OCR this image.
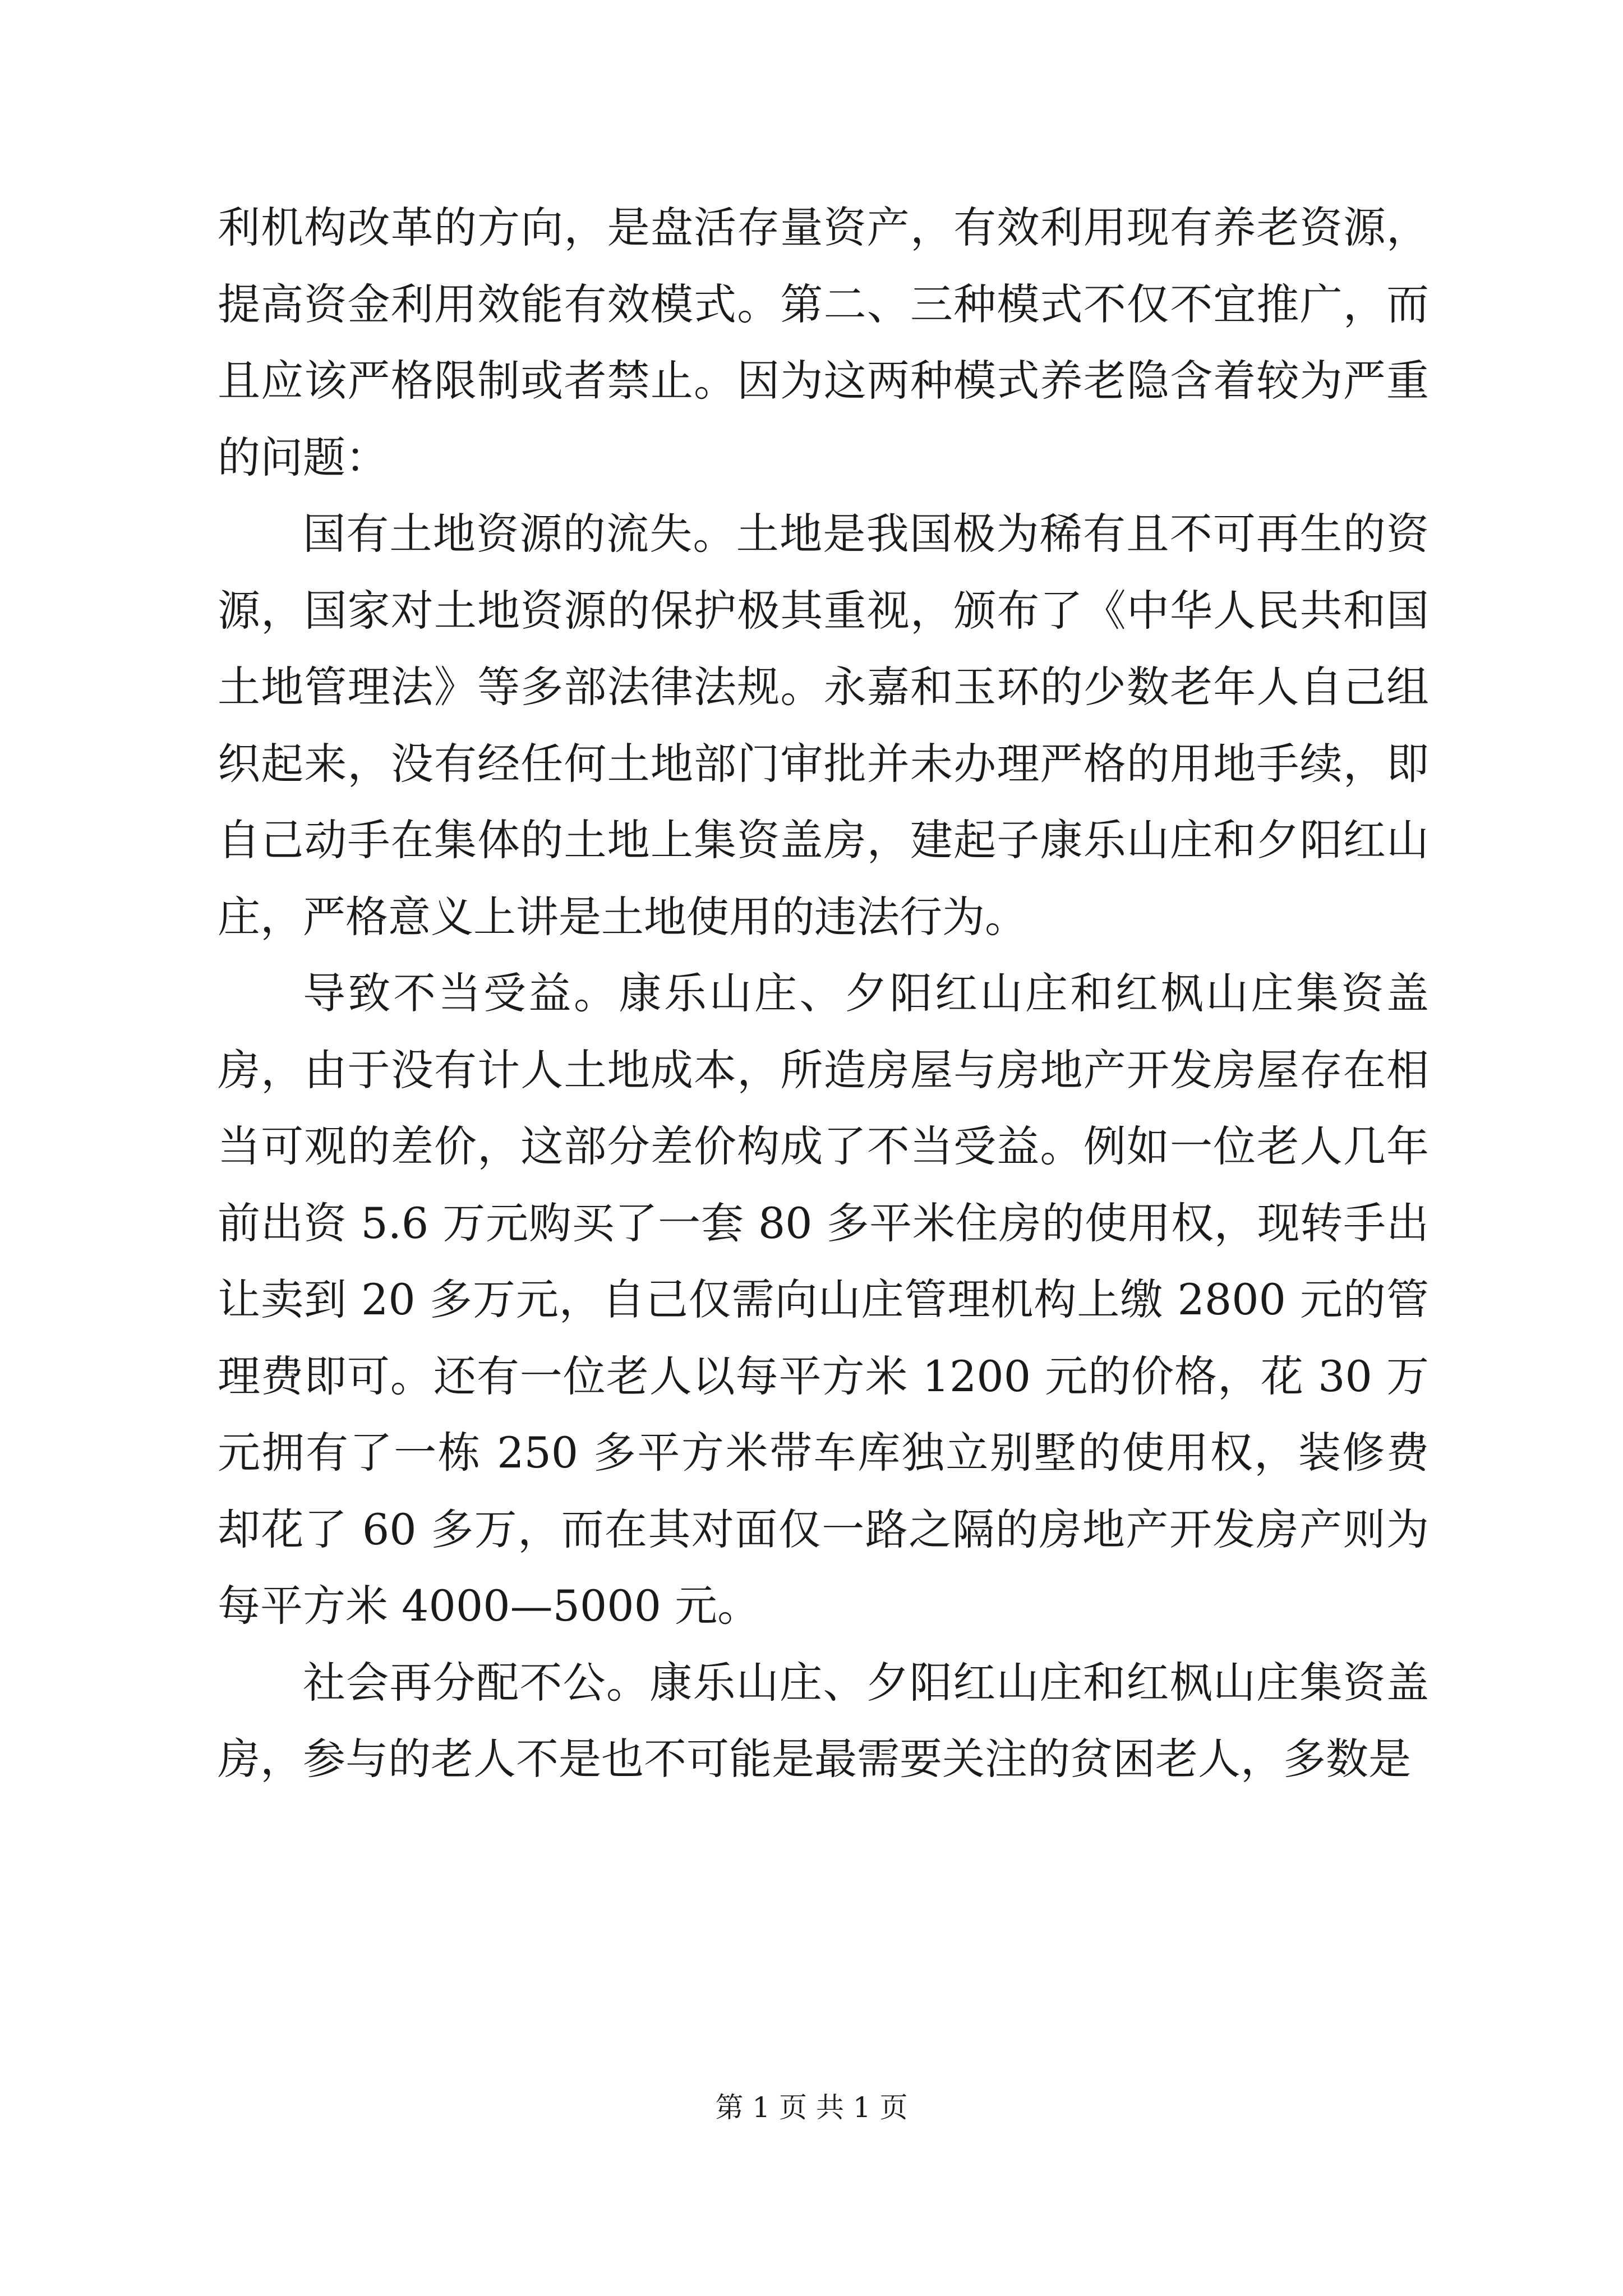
利机构改革的方向，是盘活存量资产，有效利用现有养老资源，提高资金利用效能有效模式。第二、三种模式不仅不宜推广，而且应该严格限制或者禁止。因为这两种模式养老隐含着较为严重的问题：

国有土地资源的流失。土地是我国极为稀有且不可再生的资源，国家对土地资源的保护极其重视，颁布了《中华人民共和国土地管理法》等多部法律法规。永嘉和玉环的少数老年人自己组织起来，没有经任何土地部门审批并未办理严格的用地手续，即自己动手在集体的土地上集资盖房，建起子康乐山庄和夕阳红山庄，严格意义上讲是土地使用的违法行为。

导致不当受益。康乐山庄、夕阳红山庄和红枫山庄集资盖房，由于没有计人土地成本，所造房屋与房地产开发房屋存在相当可观的差价，这部分差价构成了不当受益。例如一位老人几年前出资 5.6 万元购买了一套 80 多平米住房的使用权，现转手出让卖到 20 多万元，自己仅需向山庄管理机构上缴 2800 元的管理费即可。还有一位老人以每平方米 1200 元的价格，花 30 万元拥有了一栋 250 多平方米带车库独立别墅的使用权，装修费却花了 60 多万，而在其对面仅一路之隔的房地产开发房产则为每平方米 4000—5000 元。

社会再分配不公。康乐山庄、夕阳红山庄和红枫山庄集资盖房，参与的老人不是也不可能是最需要关注的贫困老人，多数是

第 1 页 共 1 页
